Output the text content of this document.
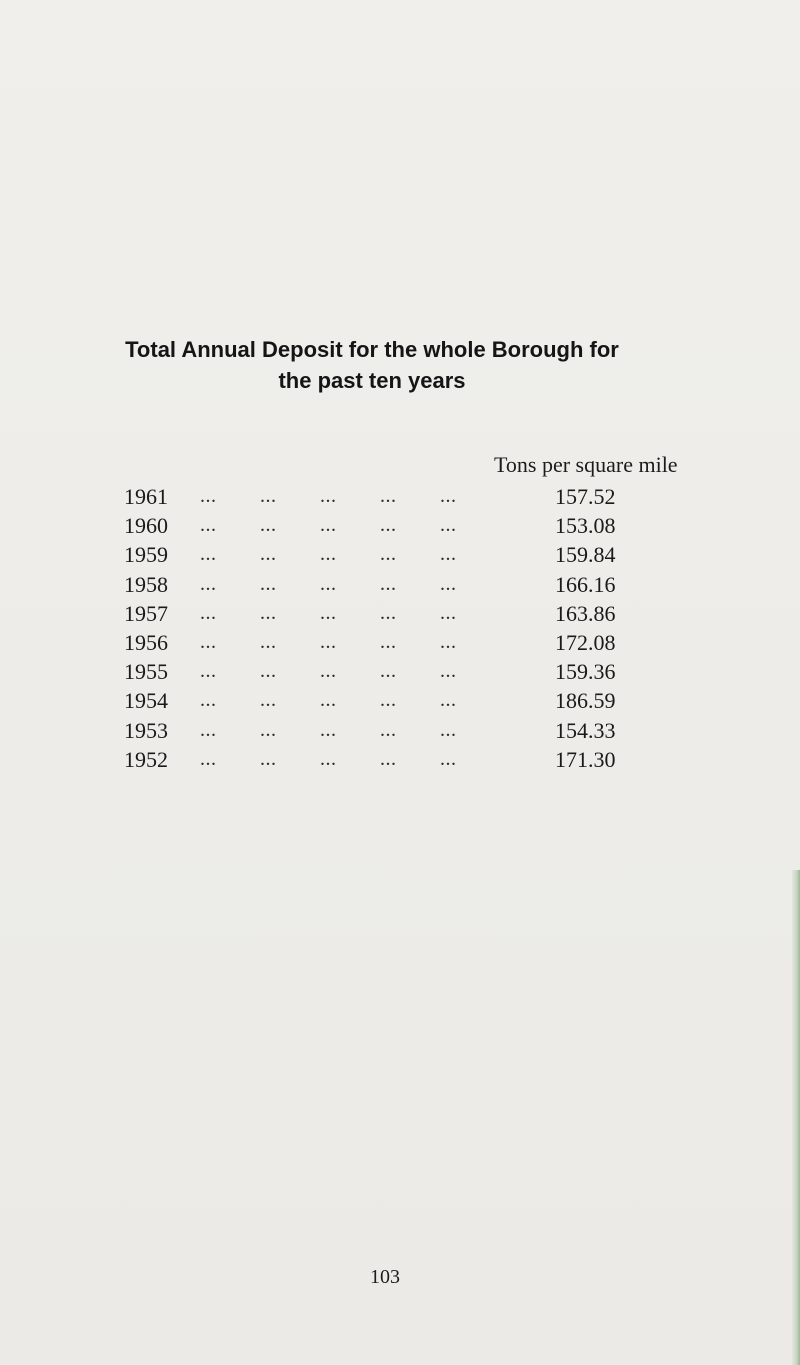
Total Annual Deposit for the whole Borough for
the past ten years
Tons per square mile
1961 ... ... ... ... ...	157.52
1960 ... ... ... ... ...	153.08
1959 ... ... ... ... ...	159.84
1958 ... ... ... ... ...	166.16
1957 ... ... ... ... ...	163.86
1956 ... ... ... ... ...	172.08
1955 ... ... ... ... ...	159.36
1954 ... ... ... ... ...	186.59
1953 ... ... ... ... ...	154.33
1952 ... ... ... ... ...	171.30
103
